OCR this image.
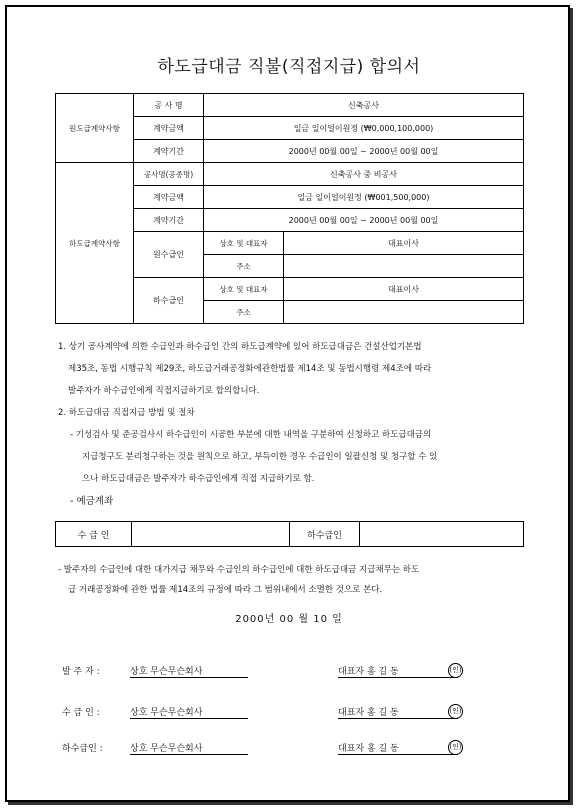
하도급대금 직불(직접지급) 합의서
원도급계약사항	공 사 명	신축공사	
	계약금액	일금 일이얼이원정 (₩0,000,100,000)	
	계약기간	2000년 00월 00일 ~ 2000년 00월 00일	
하도급계약사항	공사명(공종명)	신축공사 중 비공사	
	계약금액	일금 일이얼이원정 (₩001,500,000)	
	계약기간	2000년 00월 00일 ~ 2000년 00월 00일	
	원수급인	상호 및 대표자	대표이사
		주소	
	하수급인	상호 및 대표자	대표이사
		주소	
1. 상기 공사계약에 의한 수급인과 하수급인 간의 하도급계약에 있어 하도급대금은 건설산업기본법
제35조, 동법 시행규칙 제29조, 하도급거래공정화에관한법률 제14조 및 동법시행령 제4조에 따라
발주자가 하수급인에게 직접지급하기로 합의합니다.
2. 하도급대금 직접지급 방법 및 절차
- 기성검사 및 준공검사시 하수급인이 시공한 부분에 대한 내역을 구분하여 신청하고 하도급대금의
지급청구도 분리청구하는 것을 원칙으로 하고, 부득이한 경우 수급인이 일괄신청 및 청구할 수 있
으나 하도급대금은 발주자가 하수급인에게 직접 지급하기로 함.
- 예금계좌
수 급 인		하수급인	
- 발주자의 수급인에 대한 대가지급 채무와 수급인의 하수급인에 대한 하도급대금 지급채무는 하도
급 거래공정화에 관한 법률 제14조의 규정에 따라 그 범위내에서 소멸한 것으로 본다.
2000년 00 월 10 일
발 주 자 :	상호 무슨무슨회사	대표자 홍 길 동	(인)
수 급 인 :	상호 무슨무슨회사	대표자 홍 길 동	(인)
하수급인 :	상호 무슨무슨회사	대표자 홍 길 동	(인)
